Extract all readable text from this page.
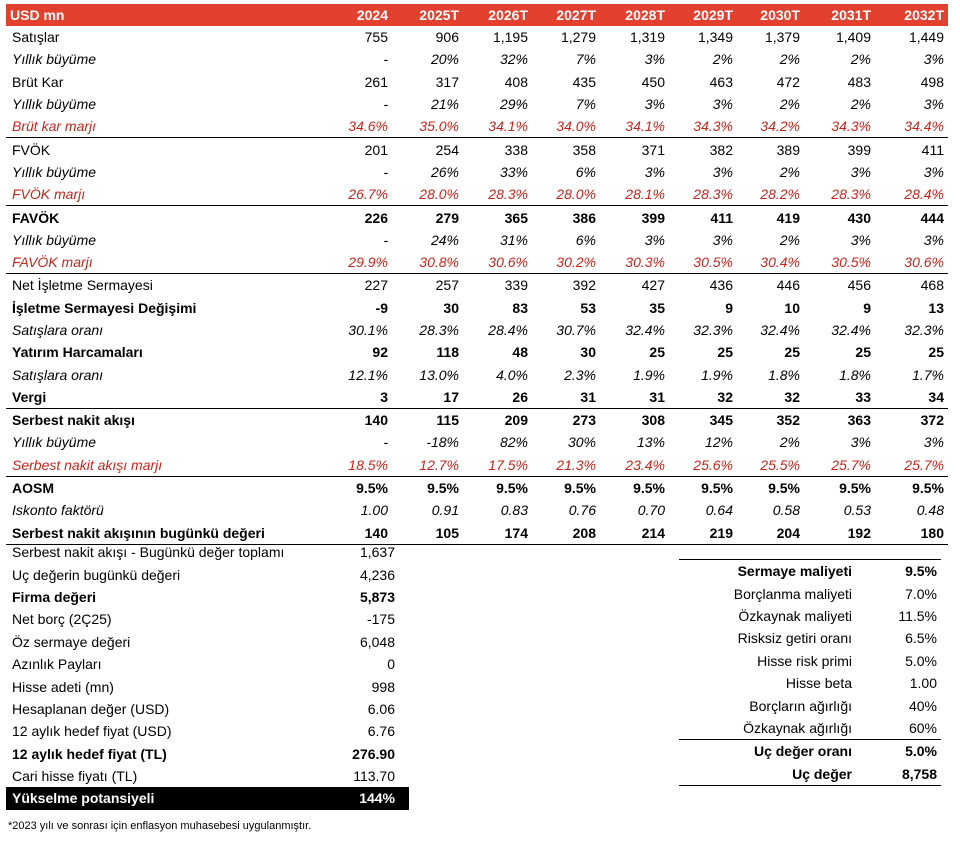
USD mn	2024	2025T	2026T	2027T	2028T	2029T	2030T	2031T	2032T
Satışlar	755	906	1,195	1,279	1,319	1,349	1,379	1,409	1,449
Yıllık büyüme	-	20%	32%	7%	3%	2%	2%	2%	3%
Brüt Kar	261	317	408	435	450	463	472	483	498
Yıllık büyüme	-	21%	29%	7%	3%	3%	2%	2%	3%
Brüt kar marjı	34.6%	35.0%	34.1%	34.0%	34.1%	34.3%	34.2%	34.3%	34.4%
FVÖK	201	254	338	358	371	382	389	399	411
Yıllık büyüme	-	26%	33%	6%	3%	3%	2%	3%	3%
FVÖK marjı	26.7%	28.0%	28.3%	28.0%	28.1%	28.3%	28.2%	28.3%	28.4%
FAVÖK	226	279	365	386	399	411	419	430	444
Yıllık büyüme	-	24%	31%	6%	3%	3%	2%	3%	3%
FAVÖK marjı	29.9%	30.8%	30.6%	30.2%	30.3%	30.5%	30.4%	30.5%	30.6%
Net İşletme Sermayesi	227	257	339	392	427	436	446	456	468
İşletme Sermayesi Değişimi	-9	30	83	53	35	9	10	9	13
Satışlara oranı	30.1%	28.3%	28.4%	30.7%	32.4%	32.3%	32.4%	32.4%	32.3%
Yatırım Harcamaları	92	118	48	30	25	25	25	25	25
Satışlara oranı	12.1%	13.0%	4.0%	2.3%	1.9%	1.9%	1.8%	1.8%	1.7%
Vergi	3	17	26	31	31	32	32	33	34
Serbest nakit akışı	140	115	209	273	308	345	352	363	372
Yıllık büyüme	-	-18%	82%	30%	13%	12%	2%	3%	3%
Serbest nakit akışı marjı	18.5%	12.7%	17.5%	21.3%	23.4%	25.6%	25.5%	25.7%	25.7%
AOSM	9.5%	9.5%	9.5%	9.5%	9.5%	9.5%	9.5%	9.5%	9.5%
Iskonto faktörü	1.00	0.91	0.83	0.76	0.70	0.64	0.58	0.53	0.48
Serbest nakit akışının bugünkü değeri	140	105	174	208	214	219	204	192	180
Serbest nakit akışı - Bugünkü değer toplamı	1,637
Uç değerin bugünkü değeri	4,236
Firma değeri	5,873
Net borç (2Ç25)	-175
Öz sermaye değeri	6,048
Azınlık Payları	0
Hisse adeti (mn)	998
Hesaplanan değer (USD)	6.06
12 aylık hedef fiyat (USD)	6.76
12 aylık hedef fiyat (TL)	276.90
Cari hisse fiyatı (TL)	113.70
Yükselme potansiyeli	144%
Sermaye maliyeti	9.5%
Borçlanma maliyeti	7.0%
Özkaynak maliyeti	11.5%
Risksiz getiri oranı	6.5%
Hisse risk primi	5.0%
Hisse beta	1.00
Borçların ağırlığı	40%
Özkaynak ağırlığı	60%
Uç değer oranı	5.0%
Uç değer	8,758
*2023 yılı ve sonrası için enflasyon muhasebesi uygulanmıştır.
